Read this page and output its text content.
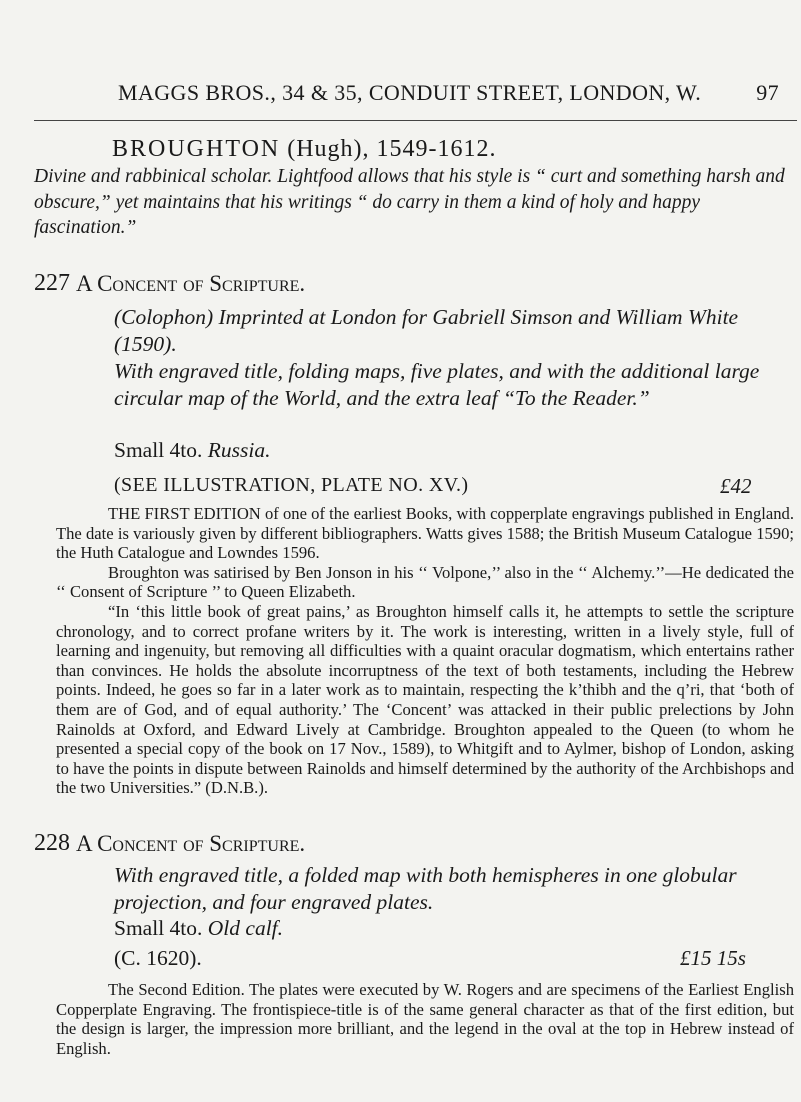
MAGGS BROS., 34 & 35, CONDUIT STREET, LONDON, W.	97
BROUGHTON (Hugh), 1549-1612.
Divine and rabbinical scholar. Lightfood allows that his style is “ curt and something harsh and obscure,” yet maintains that his writings “ do carry in them a kind of holy and happy fascination.”
227 A Concent of Scripture.
(Colophon) Imprinted at London for Gabriell Simson and William White (1590).
With engraved title, folding maps, five plates, and with the additional large circular map of the World, and the extra leaf “To the Reader.”
Small 4to. Russia.
(SEE ILLUSTRATION, PLATE NO. XV.)	£42

THE FIRST EDITION of one of the earliest Books, with copperplate engravings published in England. The date is variously given by different bibliographers. Watts gives 1588; the British Museum Catalogue 1590; the Huth Catalogue and Lowndes 1596.

Broughton was satirised by Ben Jonson in his ‘‘ Volpone,’’ also in the ‘‘ Alchemy.’’—He dedicated the ‘‘ Consent of Scripture ’’ to Queen Elizabeth.

“In ‘this little book of great pains,’ as Broughton himself calls it, he attempts to settle the scripture chronology, and to correct profane writers by it. The work is interesting, written in a lively style, full of learning and ingenuity, but removing all difficulties with a quaint oracular dogmatism, which entertains rather than convinces. He holds the absolute incorruptness of the text of both testaments, including the Hebrew points. Indeed, he goes so far in a later work as to maintain, respecting the k’thibh and the q’ri, that ‘both of them are of God, and of equal authority.’ The ‘Concent’ was attacked in their public prelections by John Rainolds at Oxford, and Edward Lively at Cambridge. Broughton appealed to the Queen (to whom he presented a special copy of the book on 17 Nov., 1589), to Whitgift and to Aylmer, bishop of London, asking to have the points in dispute between Rainolds and himself determined by the authority of the Archbishops and the two Universities.” (D.N.B.).

228 A Concent of Scripture.
With engraved title, a folded map with both hemispheres in one globular projection, and four engraved plates.
Small 4to. Old calf.
(C. 1620).	£15 15s

The Second Edition. The plates were executed by W. Rogers and are specimens of the Earliest English Copperplate Engraving. The frontispiece-title is of the same general character as that of the first edition, but the design is larger, the impression more brilliant, and the legend in the oval at the top in Hebrew instead of English.
